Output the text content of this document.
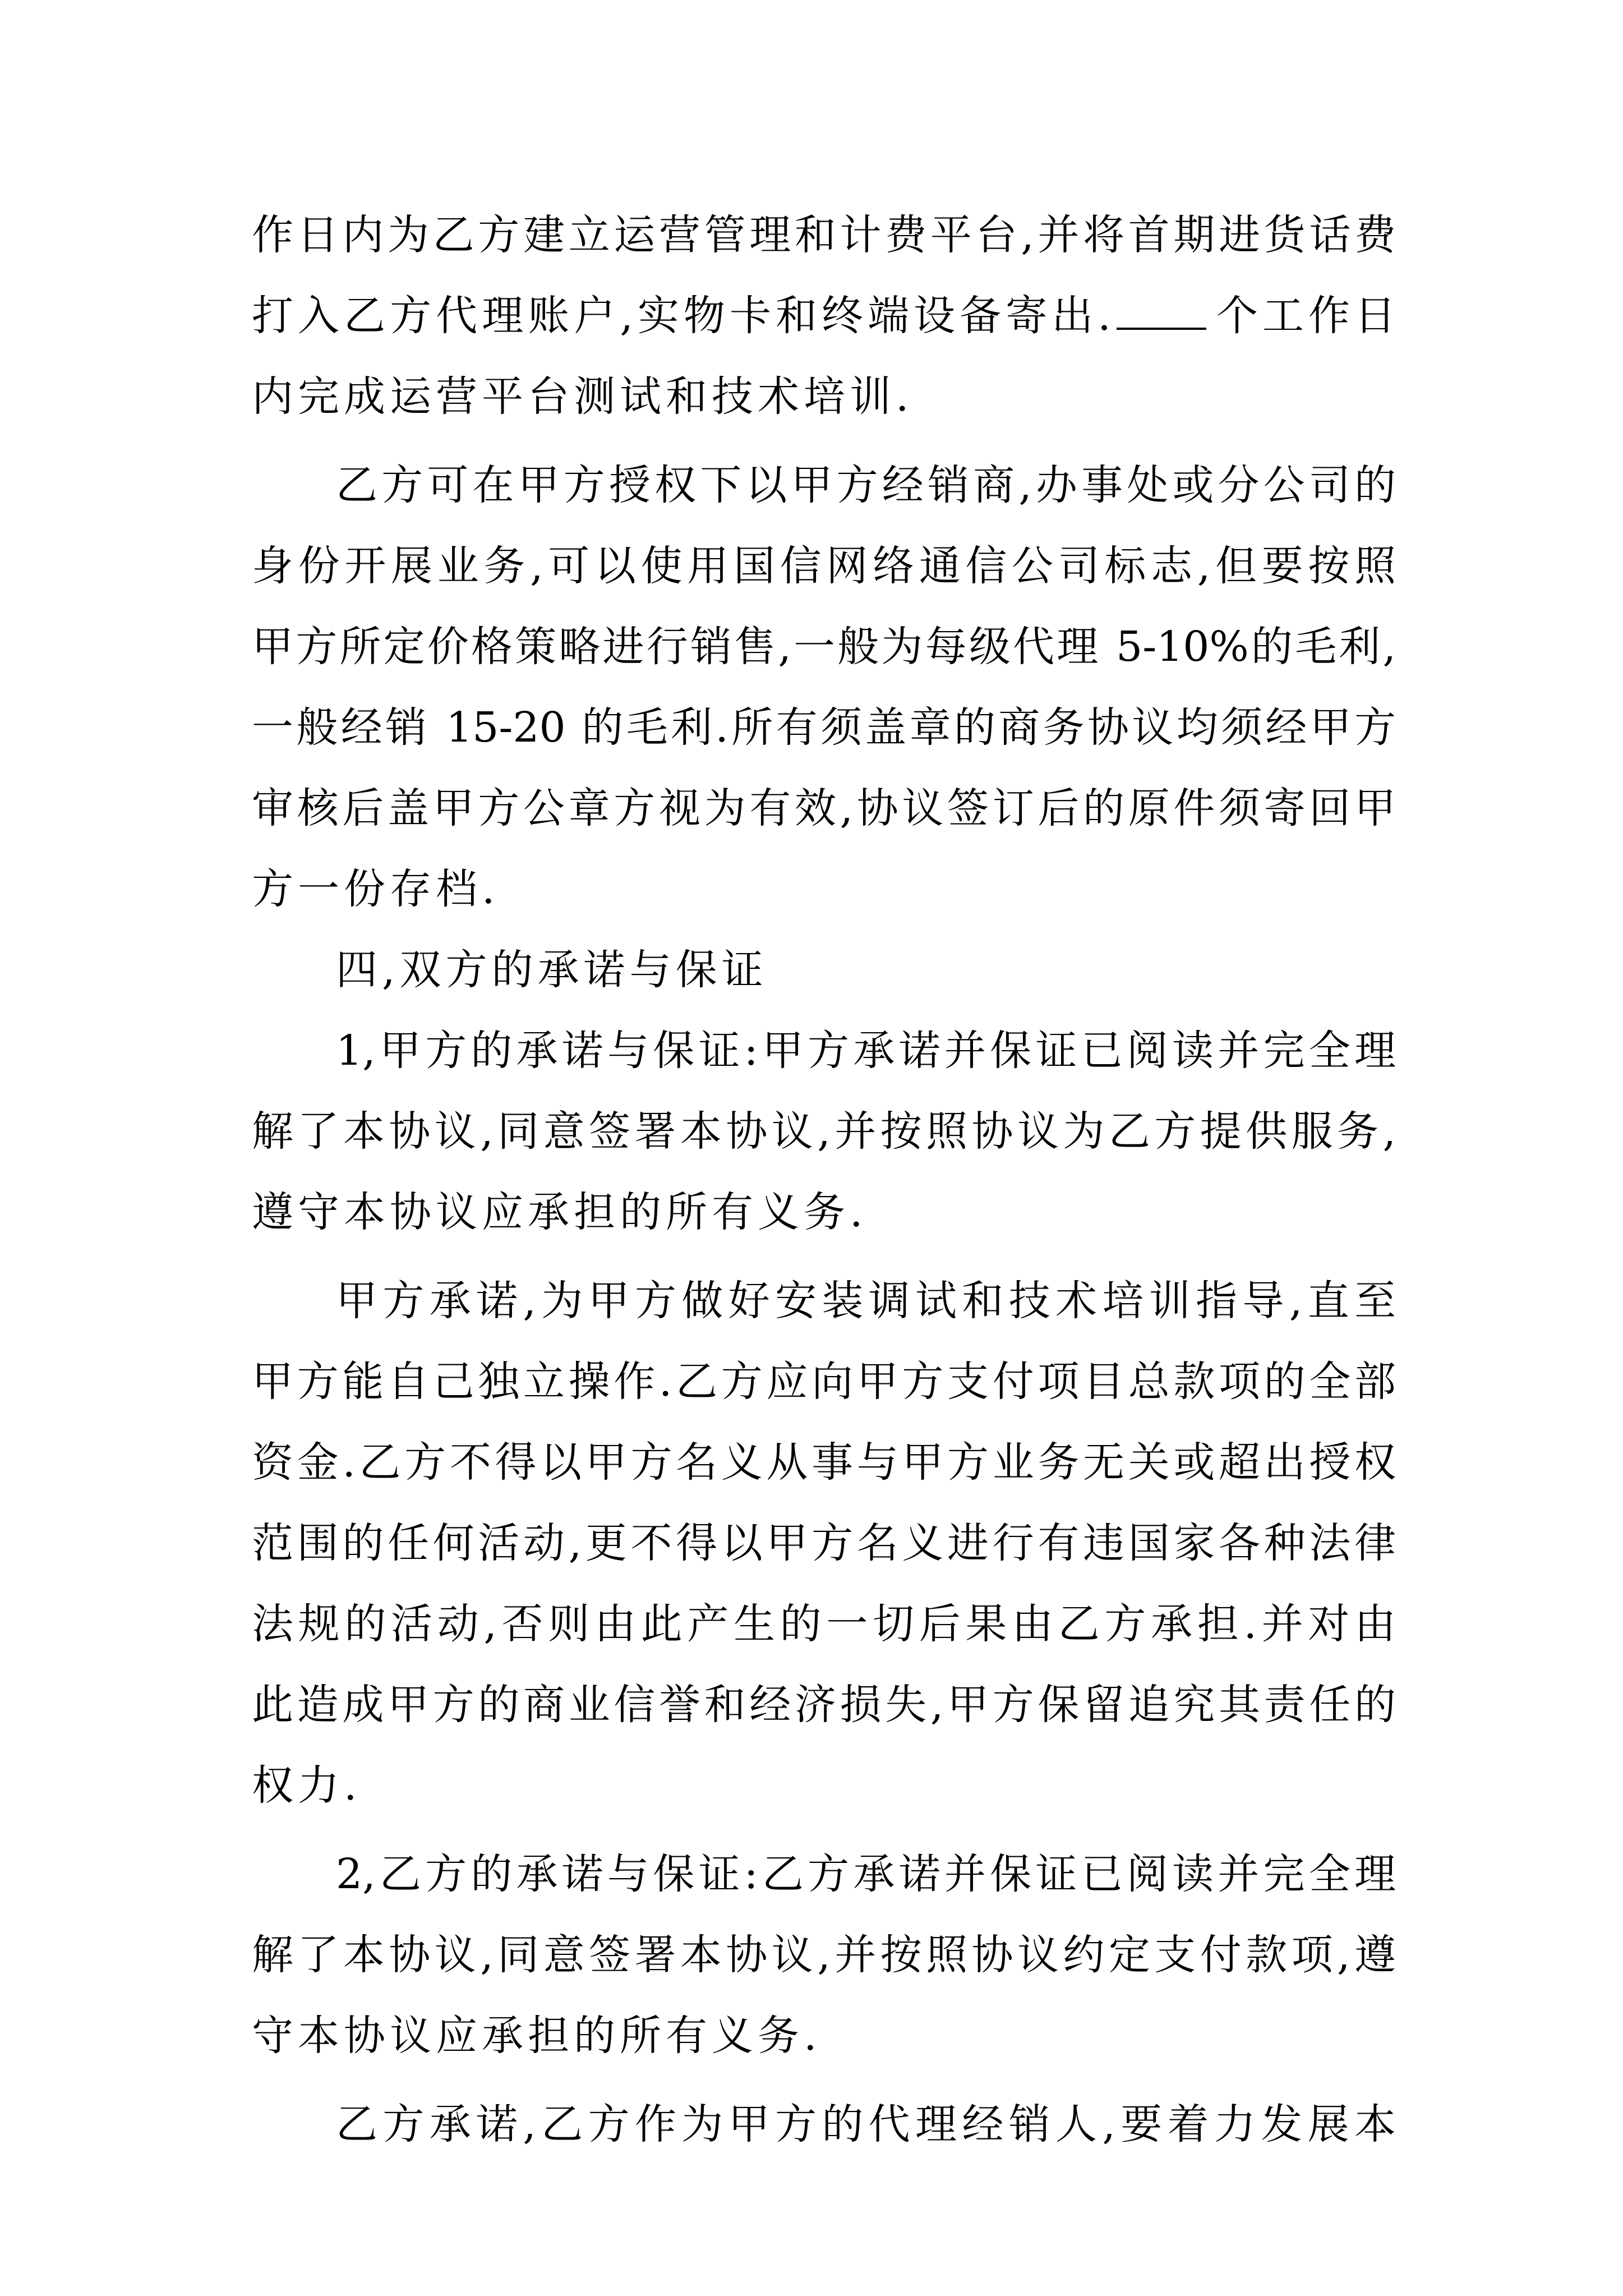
作日内为乙方建立运营管理和计费平台,并将首期进货话费
打入乙方代理账户,实物卡和终端设备寄出. 个工作日
内完成运营平台测试和技术培训.
乙方可在甲方授权下以甲方经销商,办事处或分公司的
身份开展业务,可以使用国信网络通信公司标志,但要按照
甲方所定价格策略进行销售,一般为每级代理 5-10%的毛利,
一般经销 15-20 的毛利.所有须盖章的商务协议均须经甲方
审核后盖甲方公章方视为有效,协议签订后的原件须寄回甲
方一份存档.
四,双方的承诺与保证
1,甲方的承诺与保证:甲方承诺并保证已阅读并完全理
解了本协议,同意签署本协议,并按照协议为乙方提供服务,
遵守本协议应承担的所有义务.
甲方承诺,为甲方做好安装调试和技术培训指导,直至
甲方能自己独立操作.乙方应向甲方支付项目总款项的全部
资金.乙方不得以甲方名义从事与甲方业务无关或超出授权
范围的任何活动,更不得以甲方名义进行有违国家各种法律
法规的活动,否则由此产生的一切后果由乙方承担.并对由
此造成甲方的商业信誉和经济损失,甲方保留追究其责任的
权力.
2,乙方的承诺与保证:乙方承诺并保证已阅读并完全理
解了本协议,同意签署本协议,并按照协议约定支付款项,遵
守本协议应承担的所有义务.
乙方承诺,乙方作为甲方的代理经销人,要着力发展本
